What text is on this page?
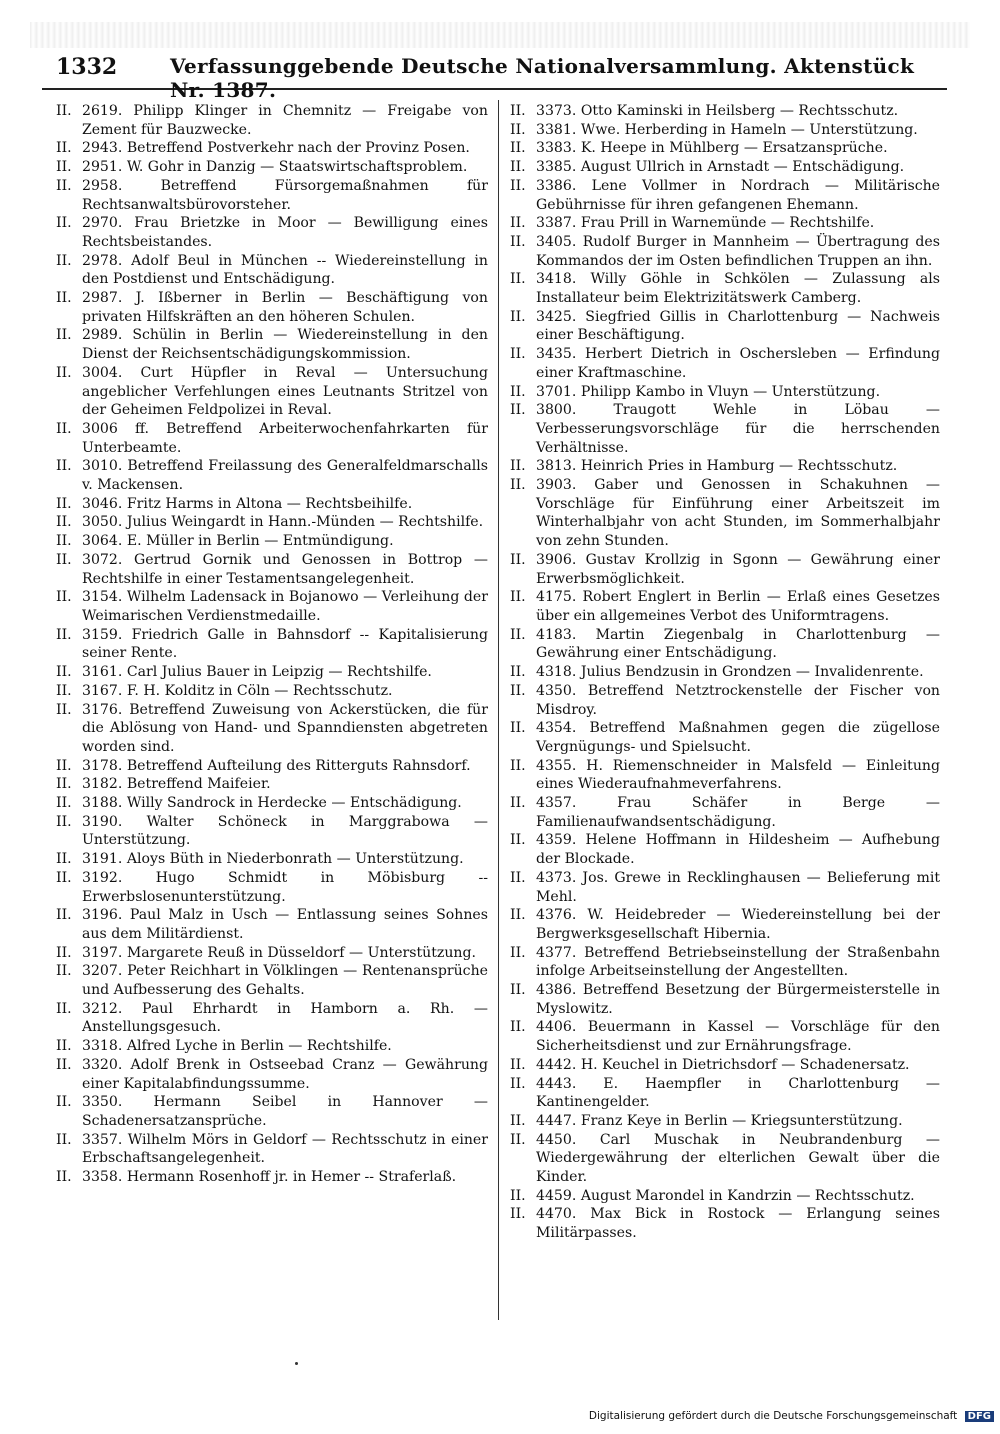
1332	Verfassunggebende Deutsche Nationalversammlung. Aktenstück Nr. 1387.
II. 2619. Philipp Klinger in Chemnitz — Freigabe von Zement für Bauzwecke.
II. 2943. Betreffend Postverkehr nach der Provinz Posen.
II. 2951. W. Gohr in Danzig — Staatswirtschaftsproblem.
II. 2958. Betreffend Fürsorgemaßnahmen für Rechtsanwaltsbürovorsteher.
II. 2970. Frau Brietzke in Moor — Bewilligung eines Rechtsbeistandes.
II. 2978. Adolf Beul in München -- Wiedereinstellung in den Postdienst und Entschädigung.
II. 2987. J. Ißberner in Berlin — Beschäftigung von privaten Hilfskräften an den höheren Schulen.
II. 2989. Schülin in Berlin — Wiedereinstellung in den Dienst der Reichsentschädigungskommission.
II. 3004. Curt Hüpfler in Reval — Untersuchung angeblicher Verfehlungen eines Leutnants Stritzel von der Geheimen Feldpolizei in Reval.
II. 3006 ff. Betreffend Arbeiterwochenfahrkarten für Unterbeamte.
II. 3010. Betreffend Freilassung des Generalfeldmarschalls v. Mackensen.
II. 3046. Fritz Harms in Altona — Rechtsbeihilfe.
II. 3050. Julius Weingardt in Hann.-Münden — Rechtshilfe.
II. 3064. E. Müller in Berlin — Entmündigung.
II. 3072. Gertrud Gornik und Genossen in Bottrop — Rechtshilfe in einer Testamentsangelegenheit.
II. 3154. Wilhelm Ladensack in Bojanowo — Verleihung der Weimarischen Verdienstmedaille.
II. 3159. Friedrich Galle in Bahnsdorf -- Kapitalisierung seiner Rente.
II. 3161. Carl Julius Bauer in Leipzig — Rechtshilfe.
II. 3167. F. H. Kolditz in Cöln — Rechtsschutz.
II. 3176. Betreffend Zuweisung von Ackerstücken, die für die Ablösung von Hand- und Spanndiensten abgetreten worden sind.
II. 3178. Betreffend Aufteilung des Ritterguts Rahnsdorf.
II. 3182. Betreffend Maifeier.
II. 3188. Willy Sandrock in Herdecke — Entschädigung.
II. 3190. Walter Schöneck in Marggrabowa — Unterstützung.
II. 3191. Aloys Büth in Niederbonrath — Unterstützung.
II. 3192. Hugo Schmidt in Möbisburg -- Erwerbslosenunterstützung.
II. 3196. Paul Malz in Usch — Entlassung seines Sohnes aus dem Militärdienst.
II. 3197. Margarete Reuß in Düsseldorf — Unterstützung.
II. 3207. Peter Reichhart in Völklingen — Rentenansprüche und Aufbesserung des Gehalts.
II. 3212. Paul Ehrhardt in Hamborn a. Rh. — Anstellungsgesuch.
II. 3318. Alfred Lyche in Berlin — Rechtshilfe.
II. 3320. Adolf Brenk in Ostseebad Cranz — Gewährung einer Kapitalabfindungssumme.
II. 3350. Hermann Seibel in Hannover — Schadenersatzansprüche.
II. 3357. Wilhelm Mörs in Geldorf — Rechtsschutz in einer Erbschaftsangelegenheit.
II. 3358. Hermann Rosenhoff jr. in Hemer -- Straferlaß.
II. 3373. Otto Kaminski in Heilsberg — Rechtsschutz.
II. 3381. Wwe. Herberding in Hameln — Unterstützung.
II. 3383. K. Heepe in Mühlberg — Ersatzansprüche.
II. 3385. August Ullrich in Arnstadt — Entschädigung.
II. 3386. Lene Vollmer in Nordrach — Militärische Gebührnisse für ihren gefangenen Ehemann.
II. 3387. Frau Prill in Warnemünde — Rechtshilfe.
II. 3405. Rudolf Burger in Mannheim — Übertragung des Kommandos der im Osten befindlichen Truppen an ihn.
II. 3418. Willy Göhle in Schkölen — Zulassung als Installateur beim Elektrizitätswerk Camberg.
II. 3425. Siegfried Gillis in Charlottenburg — Nachweis einer Beschäftigung.
II. 3435. Herbert Dietrich in Oschersleben — Erfindung einer Kraftmaschine.
II. 3701. Philipp Kambo in Vluyn — Unterstützung.
II. 3800. Traugott Wehle in Löbau — Verbesserungsvorschläge für die herrschenden Verhältnisse.
II. 3813. Heinrich Pries in Hamburg — Rechtsschutz.
II. 3903. Gaber und Genossen in Schakuhnen — Vorschläge für Einführung einer Arbeitszeit im Winterhalbjahr von acht Stunden, im Sommerhalbjahr von zehn Stunden.
II. 3906. Gustav Krollzig in Sgonn — Gewährung einer Erwerbsmöglichkeit.
II. 4175. Robert Englert in Berlin — Erlaß eines Gesetzes über ein allgemeines Verbot des Uniformtragens.
II. 4183. Martin Ziegenbalg in Charlottenburg — Gewährung einer Entschädigung.
II. 4318. Julius Bendzusin in Grondzen — Invalidenrente.
II. 4350. Betreffend Netztrockenstelle der Fischer von Misdroy.
II. 4354. Betreffend Maßnahmen gegen die zügellose Vergnügungs- und Spielsucht.
II. 4355. H. Riemenschneider in Malsfeld — Einleitung eines Wiederaufnahmeverfahrens.
II. 4357. Frau Schäfer in Berge — Familienaufwandsentschädigung.
II. 4359. Helene Hoffmann in Hildesheim — Aufhebung der Blockade.
II. 4373. Jos. Grewe in Recklinghausen — Belieferung mit Mehl.
II. 4376. W. Heidebreder — Wiedereinstellung bei der Bergwerksgesellschaft Hibernia.
II. 4377. Betreffend Betriebseinstellung der Straßenbahn infolge Arbeitseinstellung der Angestellten.
II. 4386. Betreffend Besetzung der Bürgermeisterstelle in Myslowitz.
II. 4406. Beuermann in Kassel — Vorschläge für den Sicherheitsdienst und zur Ernährungsfrage.
II. 4442. H. Keuchel in Dietrichsdorf — Schadenersatz.
II. 4443. E. Haempfler in Charlottenburg — Kantinengelder.
II. 4447. Franz Keye in Berlin — Kriegsunterstützung.
II. 4450. Carl Muschak in Neubrandenburg — Wiedergewährung der elterlichen Gewalt über die Kinder.
II. 4459. August Marondel in Kandrzin — Rechtsschutz.
II. 4470. Max Bick in Rostock — Erlangung seines Militärpasses.
Digitalisierung gefördert durch die Deutsche Forschungsgemeinschaft DFG
